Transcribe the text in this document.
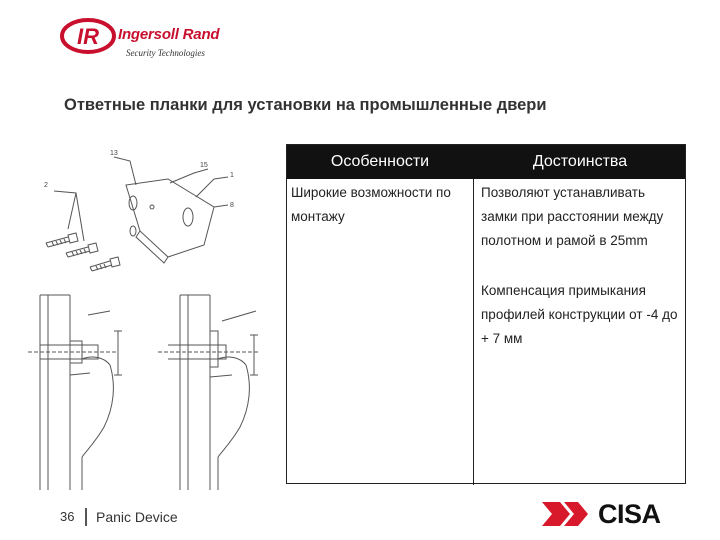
IR Ingersoll Rand
Security Technologies
Ответные планки для установки на промышленные двери
2
13
15
1
8
Особенности	Достоинства
Широкие возможности по монтажу
Позволяют устанавливать замки при расстоянии между полотном и рамой в 25mm
Компенсация примыкания профилей конструкции от -4 до + 7 мм
36 Panic Device	CISA
